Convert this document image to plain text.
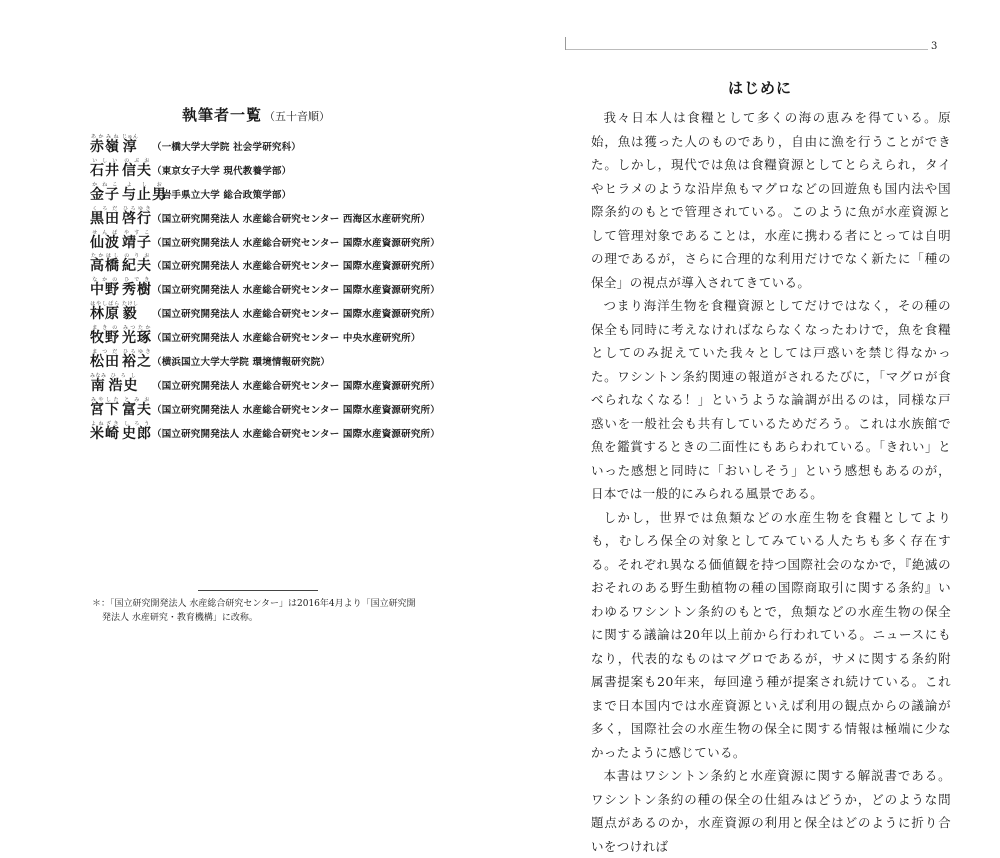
執筆者一覧 （五十音順）
赤嶺あかみね
淳じゅん
（一橋大学大学院 社会学研究科）
石井いしい
信夫のぶお
（東京女子大学 現代教養学部）
金子かねこ
与止男よしお
（岩手県立大学 総合政策学部）
黒田くろだ
啓行ひろゆき
（国立研究開発法人 水産総合研究センター 西海区水産研究所）
仙波せんば
靖子やすこ
（国立研究開発法人 水産総合研究センター 国際水産資源研究所）
高橋たかはし
紀夫のりお
（国立研究開発法人 水産総合研究センター 国際水産資源研究所）
中野なかの
秀樹ひでき
（国立研究開発法人 水産総合研究センター 国際水産資源研究所）
林原はやしばら
毅たけし
（国立研究開発法人 水産総合研究センター 国際水産資源研究所）
牧野まきの
光琢みつたか
（国立研究開発法人 水産総合研究センター 中央水産研究所）
松田まつだ
裕之ひろゆき
（横浜国立大学大学院 環境情報研究院）
南みなみ
浩史ひろし
（国立研究開発法人 水産総合研究センター 国際水産資源研究所）
宮下みやした
富夫とみお
（国立研究開発法人 水産総合研究センター 国際水産資源研究所）
米崎よねざき
史郎しろう
（国立研究開発法人 水産総合研究センター 国際水産資源研究所）

＊：「国立研究開発法人 水産総合研究センター」は2016年4月より「国立研究開発法人 水産研究・教育機構」に改称。

3
はじめに

我々日本人は食糧として多くの海の恵みを得ている。原始，魚は獲った人のものであり，自由に漁を行うことができた。しかし，現代では魚は食糧資源としてとらえられ，タイやヒラメのような沿岸魚もマグロなどの回遊魚も国内法や国際条約のもとで管理されている。このように魚が水産資源として管理対象であることは，水産に携わる者にとっては自明の理であるが，さらに合理的な利用だけでなく新たに「種の保全」の視点が導入されてきている。

つまり海洋生物を食糧資源としてだけではなく，その種の保全も同時に考えなければならなくなったわけで，魚を食糧としてのみ捉えていた我々としては戸惑いを禁じ得なかった。ワシントン条約関連の報道がされるたびに，「マグロが食べられなくなる！」というような論調が出るのは，同様な戸惑いを一般社会も共有しているためだろう。これは水族館で魚を鑑賞するときの二面性にもあらわれている。「きれい」といった感想と同時に「おいしそう」という感想もあるのが，日本では一般的にみられる風景である。

しかし，世界では魚類などの水産生物を食糧としてよりも，むしろ保全の対象としてみている人たちも多く存在する。それぞれ異なる価値観を持つ国際社会のなかで，『絶滅のおそれのある野生動植物の種の国際商取引に関する条約』いわゆるワシントン条約のもとで，魚類などの水産生物の保全に関する議論は20年以上前から行われている。ニュースにもなり，代表的なものはマグロであるが，サメに関する条約附属書提案も20年来，毎回違う種が提案され続けている。これまで日本国内では水産資源といえば利用の観点からの議論が多く，国際社会の水産生物の保全に関する情報は極端に少なかったように感じている。

本書はワシントン条約と水産資源に関する解説書である。ワシントン条約の種の保全の仕組みはどうか，どのような問題点があるのか，水産資源の利用と保全はどのように折り合いをつければ
